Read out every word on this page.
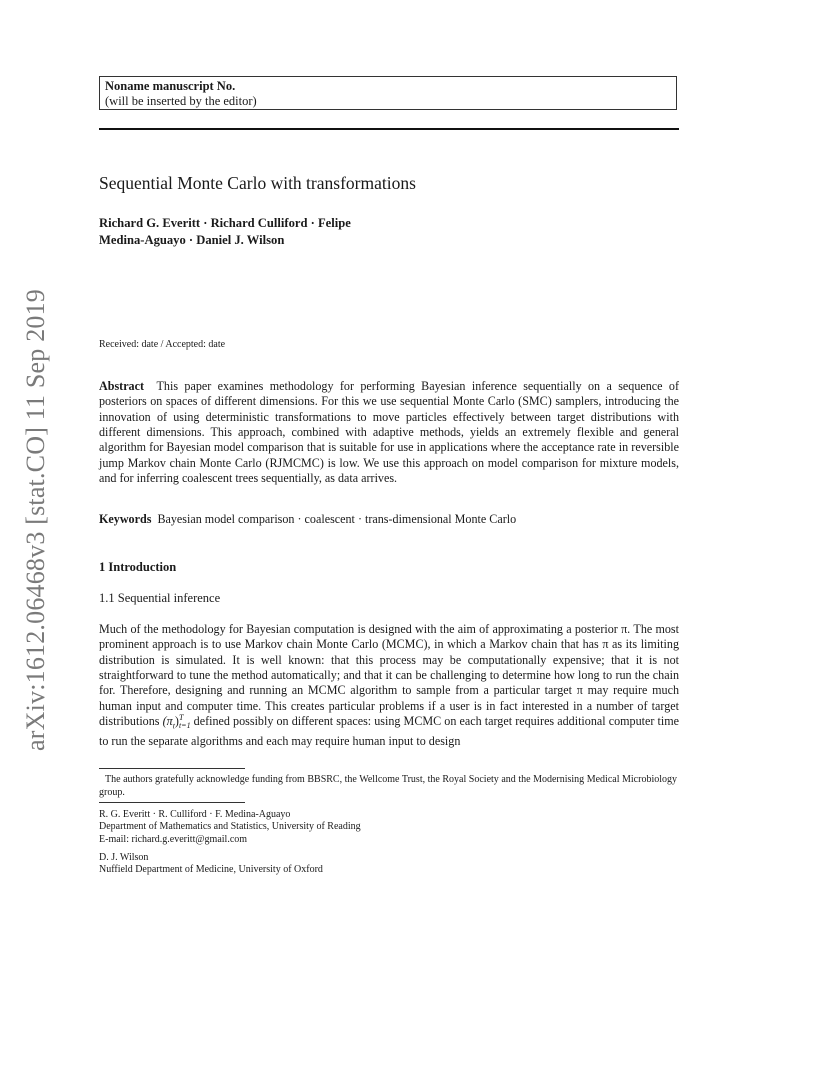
arXiv:1612.06468v3 [stat.CO] 11 Sep 2019
Noname manuscript No.
(will be inserted by the editor)
Sequential Monte Carlo with transformations
Richard G. Everitt · Richard Culliford · Felipe
Medina-Aguayo · Daniel J. Wilson
Received: date / Accepted: date
Abstract This paper examines methodology for performing Bayesian inference sequentially on a sequence of posteriors on spaces of different dimensions. For this we use sequential Monte Carlo (SMC) samplers, introducing the innovation of using deterministic transformations to move particles effectively between target distributions with different dimensions. This approach, combined with adaptive methods, yields an extremely flexible and general algorithm for Bayesian model comparison that is suitable for use in applications where the acceptance rate in reversible jump Markov chain Monte Carlo (RJMCMC) is low. We use this approach on model comparison for mixture models, and for inferring coalescent trees sequentially, as data arrives.
Keywords Bayesian model comparison · coalescent · trans-dimensional Monte Carlo
1 Introduction
1.1 Sequential inference
Much of the methodology for Bayesian computation is designed with the aim of approximating a posterior π. The most prominent approach is to use Markov chain Monte Carlo (MCMC), in which a Markov chain that has π as its limiting distribution is simulated. It is well known: that this process may be computationally expensive; that it is not straightforward to tune the method automatically; and that it can be challenging to determine how long to run the chain for. Therefore, designing and running an MCMC algorithm to sample from a particular target π may require much human input and computer time. This creates particular problems if a user is in fact interested in a number of target distributions $(\pi_t)$ T
t=1 defined possibly on different spaces: using MCMC on each target requires additional computer time to run the separate algorithms and each may require human input to design
The authors gratefully acknowledge funding from BBSRC, the Wellcome Trust, the Royal Society and the Modernising Medical Microbiology group.
R. G. Everitt · R. Culliford · F. Medina-Aguayo
Department of Mathematics and Statistics, University of Reading
E-mail: richard.g.everitt@gmail.com
D. J. Wilson
Nuffield Department of Medicine, University of Oxford
